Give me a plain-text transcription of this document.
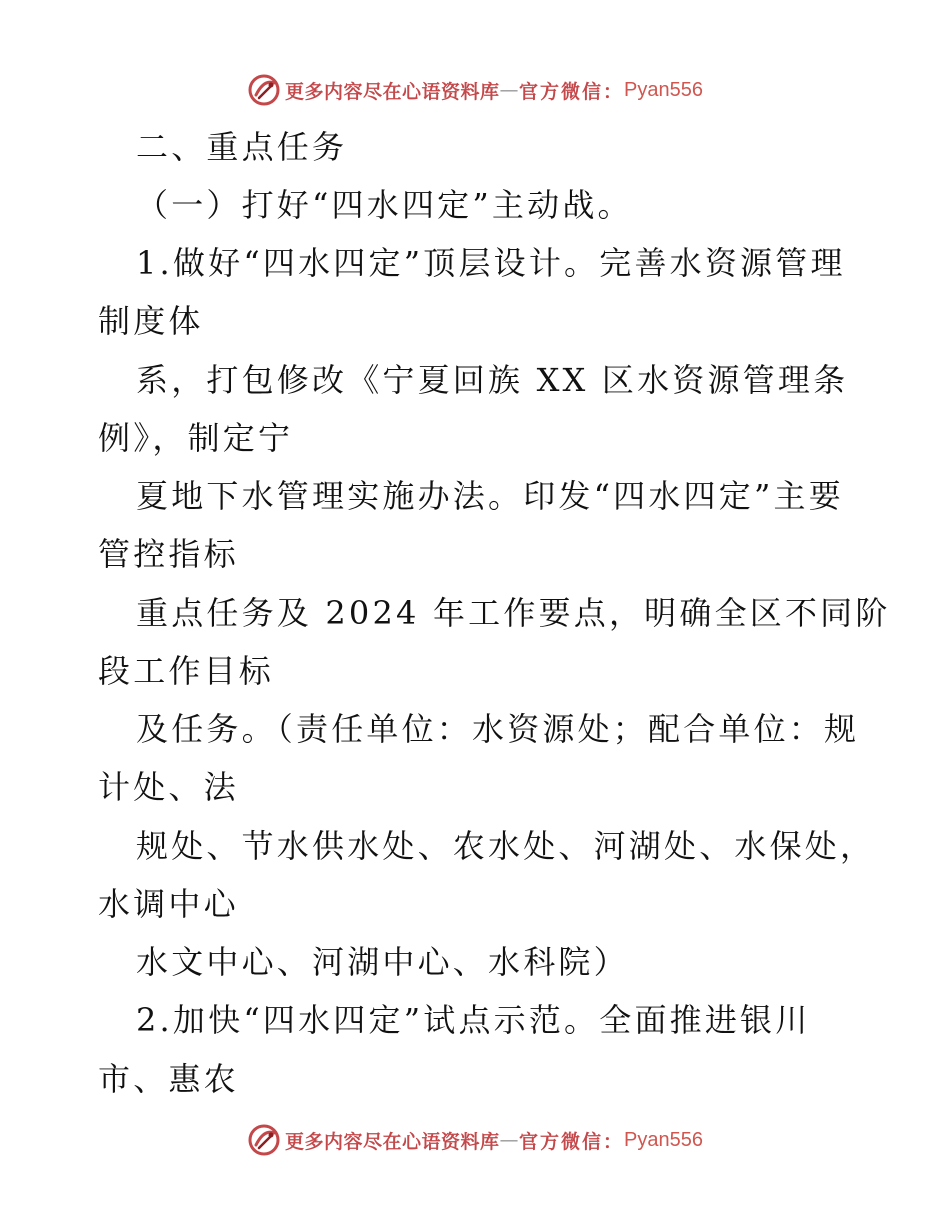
更多内容尽在心语资料库 — 官方微信： Pyan556
二、重点任务
（一）打好“四水四定”主动战。
1.做好“四水四定”顶层设计。完善水资源管理
制度体
系，打包修改《宁夏回族 XX 区水资源管理条
例》，制定宁
夏地下水管理实施办法。印发“四水四定”主要
管控指标
重点任务及 2024 年工作要点，明确全区不同阶
段工作目标
及任务。（责任单位：水资源处；配合单位：规
计处、法
规处、节水供水处、农水处、河湖处、水保处，
水调中心
水文中心、河湖中心、水科院）
2.加快“四水四定”试点示范。全面推进银川
市、惠农
更多内容尽在心语资料库 — 官方微信： Pyan556
